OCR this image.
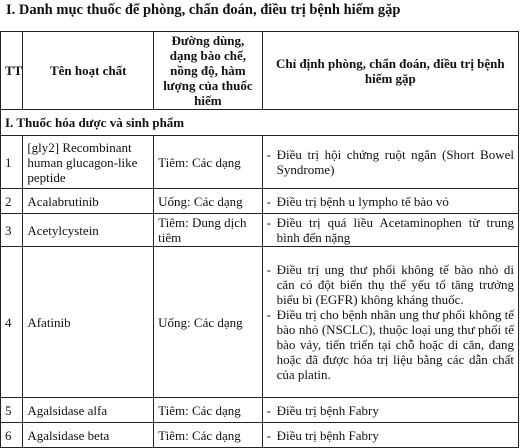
I. Danh mục thuốc để phòng, chẩn đoán, điều trị bệnh hiếm gặp
TT	Tên hoạt chất	Đường dùng, dạng bào chế, nồng độ, hàm lượng của thuốc hiếm	Chỉ định phòng, chẩn đoán, điều trị bệnh hiếm gặp
I. Thuốc hóa dược và sinh phẩm			
1	[gly2] Recombinant human glucagon-like peptide	Tiêm: Các dạng	- Điều trị hội chứng ruột ngắn (Short Bowel Syndrome)

2	Acalabrutinib	Uống: Các dạng	- Điều trị bệnh u lympho tế bào vỏ

3	Acetylcystein	Tiêm: Dung dịch tiêm	- Điều trị quá liều Acetaminophen từ trung bình đến nặng

4	Afatinib	Uống: Các dạng	- Điều trị ung thư phổi không tế bào nhỏ di căn có đột biến thụ thể yếu tố tăng trưởng biểu bì (EGFR) không kháng thuốc.
- Điều trị cho bệnh nhân ung thư phổi không tế bào nhỏ (NSCLC), thuộc loại ung thư phổi tế bào vảy, tiến triển tại chỗ hoặc di căn, đang hoặc đã được hóa trị liệu bằng các dẫn chất của platin.

5	Agalsidase alfa	Tiêm: Các dạng	- Điều trị bệnh Fabry

6	Agalsidase beta	Tiêm: Các dạng	- Điều trị bệnh Fabry
